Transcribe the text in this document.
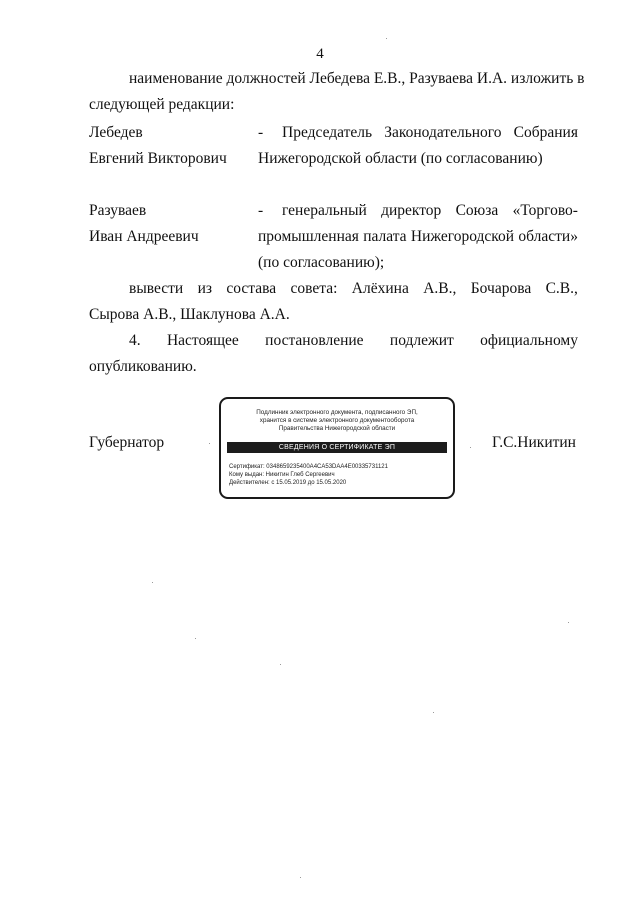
4
наименование должностей Лебедева Е.В., Разуваева И.А. изложить в
следующей редакции:
Лебедев
Евгений Викторович
- Председатель Законодательного Собрания
Нижегородской области (по согласованию)
Разуваев
Иван Андреевич
- генеральный директор Союза «Торгово-
промышленная палата Нижегородской области»
(по согласованию);
вывести из состава совета: Алёхина А.В., Бочарова С.В.,
Сырова А.В., Шаклунова А.А.
4. Настоящее постановление подлежит официальному
опубликованию.
Губернатор	Г.С.Никитин
Подлинник электронного документа, подписанного ЭП,
хранится в системе электронного документооборота
Правительства Нижегородской области
СВЕДЕНИЯ О СЕРТИФИКАТЕ ЭП
Сертификат: 0348659235400A4CA53DAA4E00335731121
Кому выдан: Никитин Глеб Сергеевич
Действителен: с 15.05.2019 до 15.05.2020
